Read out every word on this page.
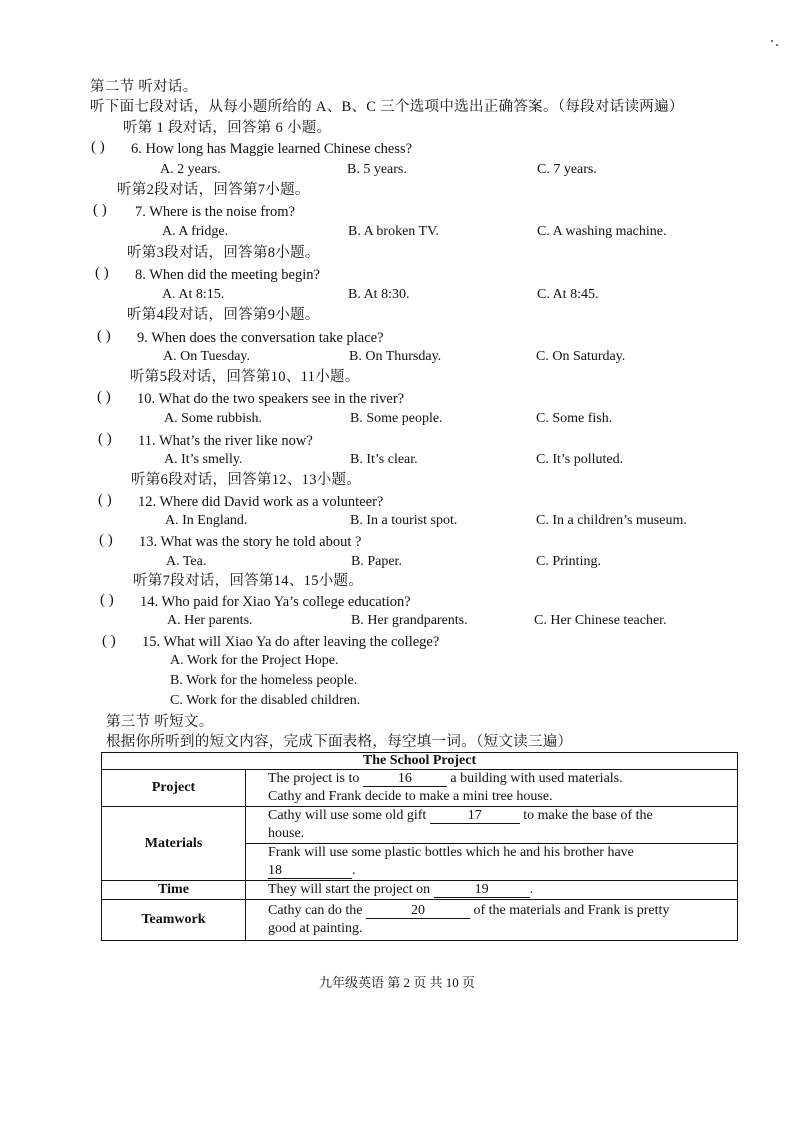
第二节 听对话。
听下面七段对话，从每小题所给的 A、B、C 三个选项中选出正确答案。（每段对话读两遍）
听第 1 段对话，回答第 6 小题。
( ) 6. How long has Maggie learned Chinese chess?
A. 2 years.	B. 5 years.	C. 7 years.
听第2段对话，回答第7小题。
( ) 7. Where is the noise from?
A. A fridge.	B. A broken TV.	C. A washing machine.
听第3段对话，回答第8小题。
( ) 8. When did the meeting begin?
A. At 8:15.	B. At 8:30.	C. At 8:45.
听第4段对话，回答第9小题。
( ) 9. When does the conversation take place?
A. On Tuesday.	B. On Thursday.	C. On Saturday.
听第5段对话，回答第10、11小题。
( ) 10. What do the two speakers see in the river?
A. Some rubbish.	B. Some people.	C. Some fish.
( ) 11. What’s the river like now?
A. It’s smelly.	B. It’s clear.	C. It’s polluted.
听第6段对话，回答第12、13小题。
( ) 12. Where did David work as a volunteer?
A. In England.	B. In a tourist spot.	C. In a children’s museum.
( ) 13. What was the story he told about ?
A. Tea.	B. Paper.	C. Printing.
听第7段对话，回答第14、15小题。
( ) 14. Who paid for Xiao Ya’s college education?
A. Her parents.	B. Her grandparents.	C. Her Chinese teacher.
( ) 15. What will Xiao Ya do after leaving the college?
A. Work for the Project Hope.
B. Work for the homeless people.
C. Work for the disabled children.
第三节 听短文。
根据你所听到的短文内容，完成下面表格，每空填一词。（短文读三遍）
The School Project	
Project	The project is to 16 a building with used materials.
Cathy and Frank decide to make a mini tree house.
Materials	Cathy will use some old gift 17 to make the base of the
house.
	Frank will use some plastic bottles which he and his brother have
18 .
Time	They will start the project on 19 .
Teamwork	Cathy can do the 20 of the materials and Frank is pretty
good at painting.
九年级英语 第 2 页 共 10 页
